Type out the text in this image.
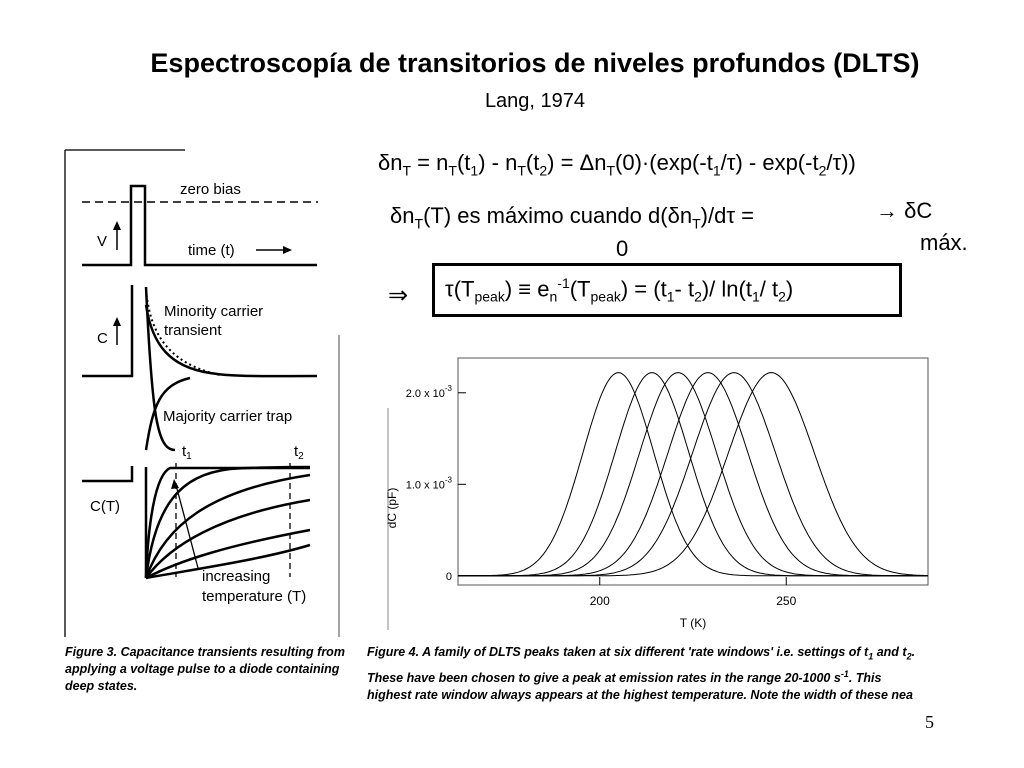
Espectroscopía de transitorios de niveles profundos (DLTS)
Lang, 1974
$\delta n_T = n_T(t_1) - n_T(t_2) = \Delta n_T(0)\cdot(\exp(-t_1/\tau) - \exp(-t_2/\tau))$
$\delta n_T(T)$ es máximo cuando $d(\delta n_T)/d\tau$ =
0
→ δC
máx.
⇒	$\tau(T_{peak}) \equiv e_n^{-1}(T_{peak}) = (t_1-$ $t_2)/$ $\ln(t_1/$ $t_2$)
zero bias
V
time (t)
Minority carrier
transient
C
Majority carrier trap
$t_1$	$t_2$
C(T)
increasing
temperature (T)
Figure 3. Capacitance transients resulting from applying a voltage pulse to a diode containing deep states.
0
1.0 x $10^{-3}$
2.0 x $10^{-3}$
200	250
dC (pF)
T (K)
Figure 4. A family of DLTS peaks taken at six different 'rate windows' i.e. settings of $t_1$ and $t_2$.
These have been chosen to give a peak at emission rates in the range 20-1000 $s^{-1}$. This
highest rate window always appears at the highest temperature. Note the width of these nea
5
